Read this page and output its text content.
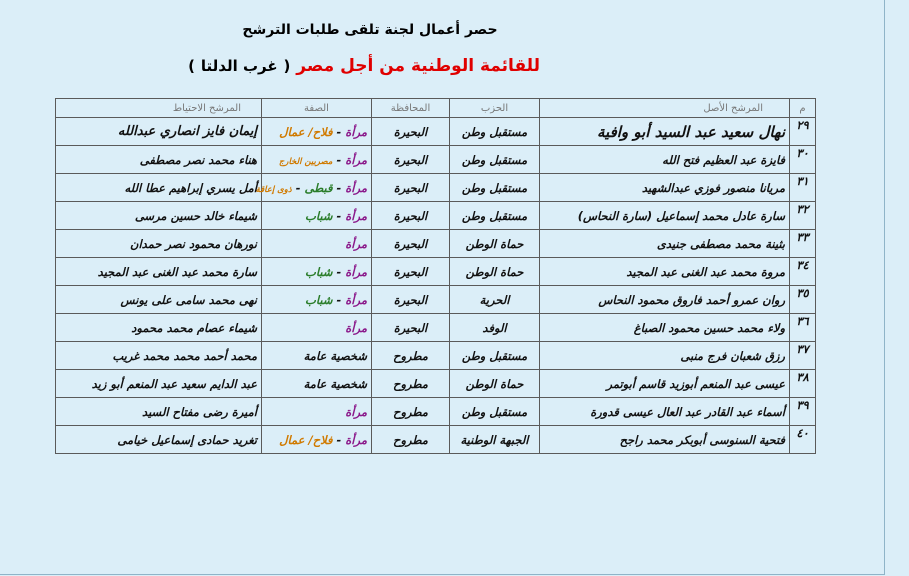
حصر أعمال لجنة تلقى طلبات الترشح
للقائمة الوطنية من أجل مصر ( غرب الدلتا )
م	المرشح الأصل	الحزب	المحافظة	الصفة	المرشح الاحتياط
٢٩	نهال سعيد عبد السيد أبو وافية	مستقبل وطن	البحيرة	مرأة - فلاح/ عمال	إيمان فايز انصاري عبدالله
٣٠	فايزة عبد العظيم فتح الله	مستقبل وطن	البحيرة	مرأة - مصريين الخارج	هناء محمد نصر مصطفى
٣١	مريانا منصور فوزي عبدالشهيد	مستقبل وطن	البحيرة	مرأة - قبطى - ذوى إعاقة	أمل يسري إبراهيم عطا الله
٣٢	سارة عادل محمد إسماعيل (سارة النحاس)	مستقبل وطن	البحيرة	مرأة - شباب	شيماء خالد حسين مرسى
٣٣	بثينة محمد مصطفى جنيدى	حماة الوطن	البحيرة	مرأة	نورهان محمود نصر حمدان
٣٤	مروة محمد عبد الغنى عبد المجيد	حماة الوطن	البحيرة	مرأة - شباب	سارة محمد عبد الغنى عبد المجيد
٣٥	روان عمرو أحمد فاروق محمود النحاس	الحرية	البحيرة	مرأة - شباب	نهى محمد سامى على يونس
٣٦	ولاء محمد حسين محمود الصباغ	الوفد	البحيرة	مرأة	شيماء عصام محمد محمود
٣٧	رزق شعبان فرج منبى	مستقبل وطن	مطروح	شخصية عامة	محمد أحمد محمد محمد غريب
٣٨	عيسى عبد المنعم أبوزيد قاسم أبوتمر	حماة الوطن	مطروح	شخصية عامة	عبد الدايم سعيد عبد المنعم أبو زيد
٣٩	أسماء عبد القادر عبد العال عيسى قدورة	مستقبل وطن	مطروح	مرأة	أميرة رضى مفتاح السيد
٤٠	فتحية السنوسى أبوبكر محمد راجح	الجبهة الوطنية	مطروح	مرأة - فلاح/ عمال	تغريد حمادى إسماعيل خيامى
